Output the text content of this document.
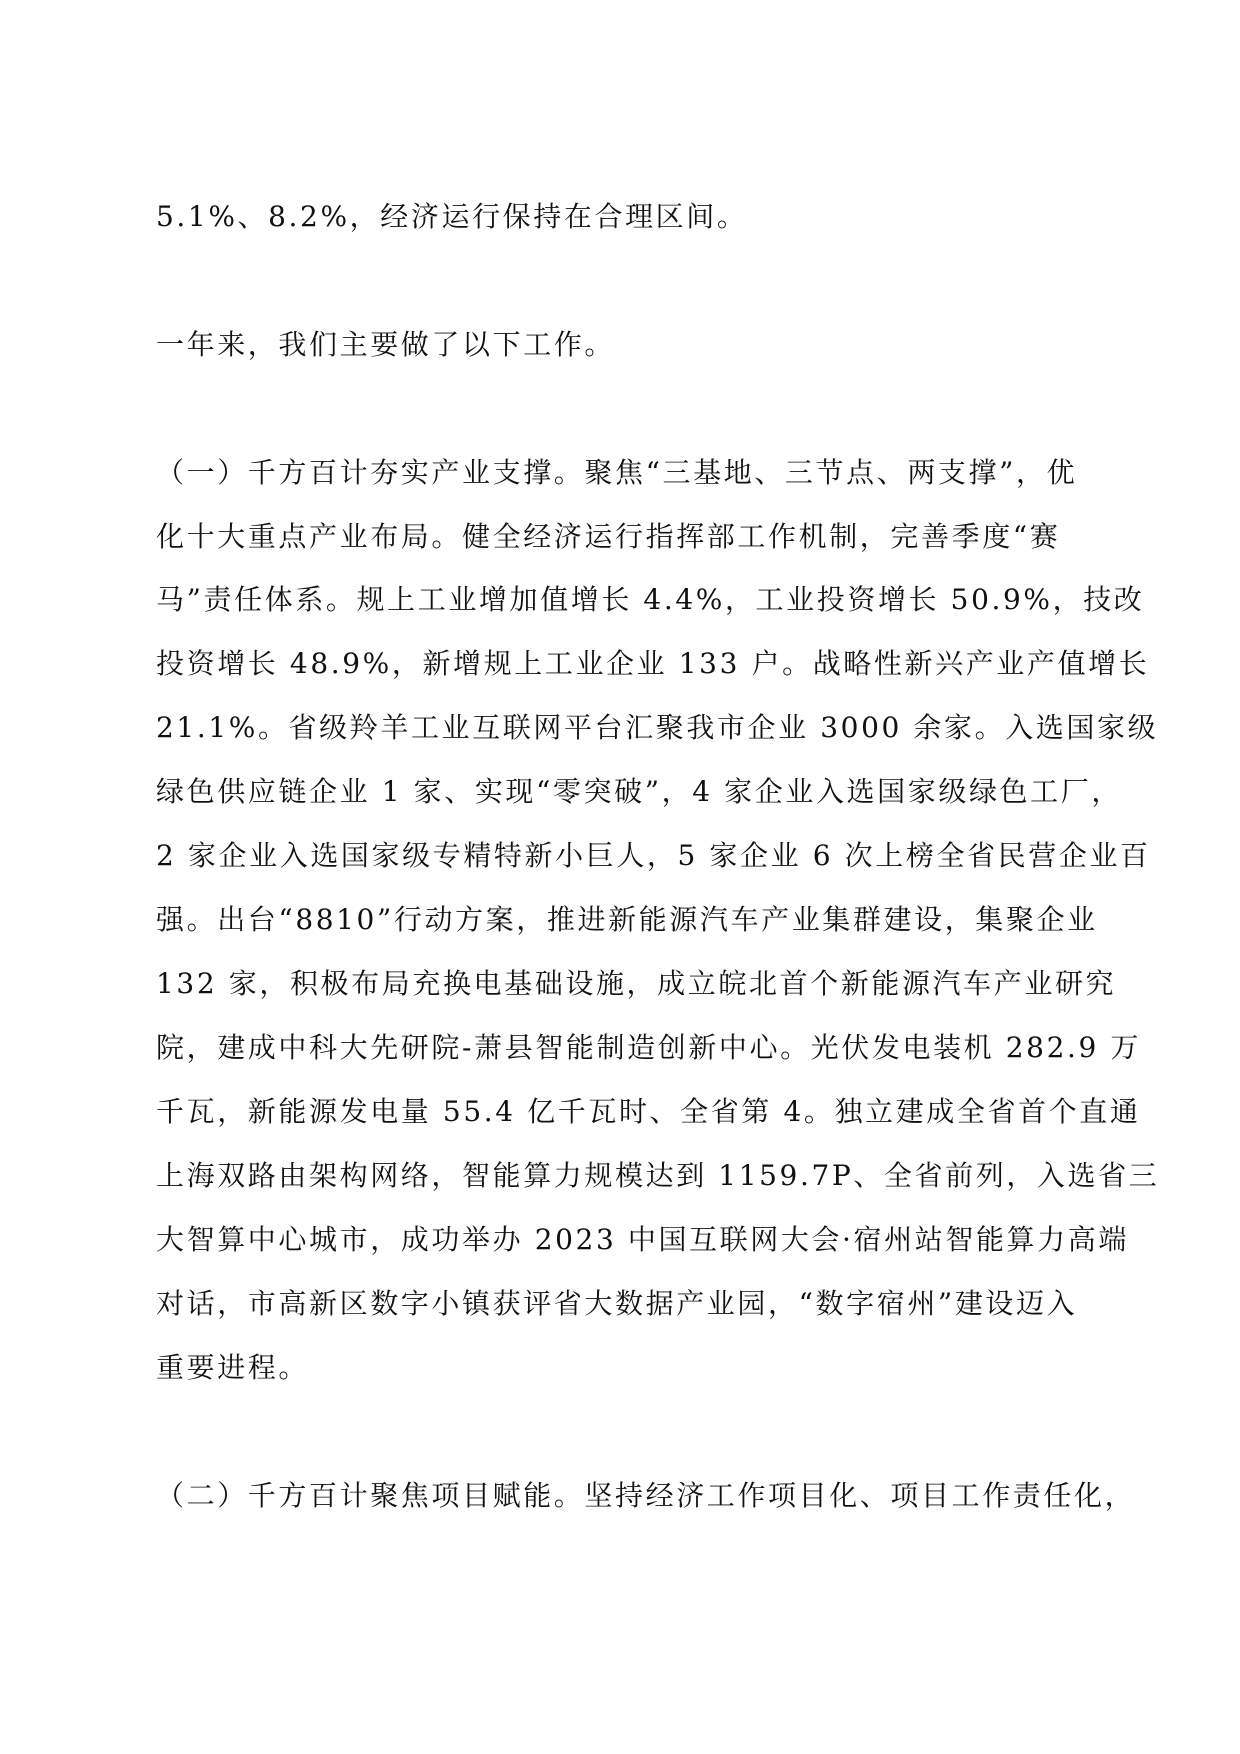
5.1%、8.2%，经济运行保持在合理区间。
一年来，我们主要做了以下工作。
（一）千方百计夯实产业支撑。聚焦“三基地、三节点、两支撑”，优
化十大重点产业布局。健全经济运行指挥部工作机制，完善季度“赛
马”责任体系。规上工业增加值增长 4.4%，工业投资增长 50.9%，技改
投资增长 48.9%，新增规上工业企业 133 户。战略性新兴产业产值增长
21.1%。省级羚羊工业互联网平台汇聚我市企业 3000 余家。入选国家级
绿色供应链企业 1 家、实现“零突破”，4 家企业入选国家级绿色工厂，
2 家企业入选国家级专精特新小巨人，5 家企业 6 次上榜全省民营企业百
强。出台“8810”行动方案，推进新能源汽车产业集群建设，集聚企业
132 家，积极布局充换电基础设施，成立皖北首个新能源汽车产业研究
院，建成中科大先研院-萧县智能制造创新中心。光伏发电装机 282.9 万
千瓦，新能源发电量 55.4 亿千瓦时、全省第 4。独立建成全省首个直通
上海双路由架构网络，智能算力规模达到 1159.7P、全省前列，入选省三
大智算中心城市，成功举办 2023 中国互联网大会·宿州站智能算力高端
对话，市高新区数字小镇获评省大数据产业园，“数字宿州”建设迈入
重要进程。
（二）千方百计聚焦项目赋能。坚持经济工作项目化、项目工作责任化，
